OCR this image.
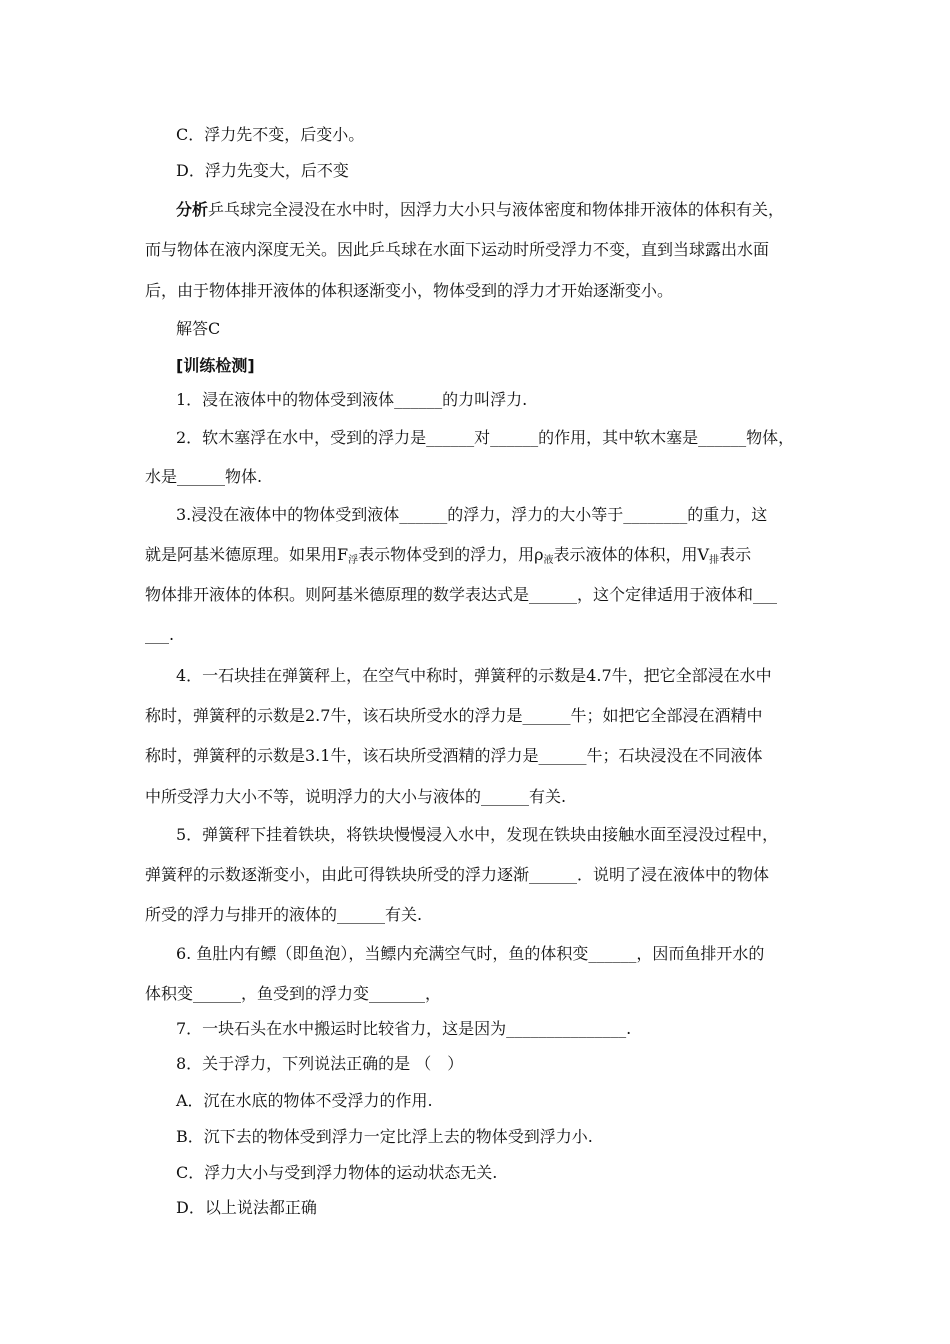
C．浮力先不变，后变小。
D．浮力先变大，后不变
分析乒乓球完全浸没在水中时，因浮力大小只与液体密度和物体排开液体的体积有关，
而与物体在液内深度无关。因此乒乓球在水面下运动时所受浮力不变，直到当球露出水面
后，由于物体排开液体的体积逐渐变小，物体受到的浮力才开始逐渐变小。
解答C
[训练检测]
1．浸在液体中的物体受到液体______的力叫浮力.
2．软木塞浮在水中，受到的浮力是______对______的作用，其中软木塞是______物体，
水是______物体.
3.浸没在液体中的物体受到液体______的浮力，浮力的大小等于________的重力，这
就是阿基米德原理。如果用F浮表示物体受到的浮力，用ρ液表示液体的体积，用V排表示
物体排开液体的体积。则阿基米德原理的数学表达式是______，这个定律适用于液体和___
___.
4．一石块挂在弹簧秤上，在空气中称时，弹簧秤的示数是4.7牛，把它全部浸在水中
称时，弹簧秤的示数是2.7牛，该石块所受水的浮力是______牛；如把它全部浸在酒精中
称时，弹簧秤的示数是3.1牛，该石块所受酒精的浮力是______牛；石块浸没在不同液体
中所受浮力大小不等，说明浮力的大小与液体的______有关.
5．弹簧秤下挂着铁块，将铁块慢慢浸入水中，发现在铁块由接触水面至浸没过程中，
弹簧秤的示数逐渐变小，由此可得铁块所受的浮力逐渐______．说明了浸在液体中的物体
所受的浮力与排开的液体的______有关.
6. 鱼肚内有鳔（即鱼泡），当鳔内充满空气时，鱼的体积变______，因而鱼排开水的
体积变______，鱼受到的浮力变_______，
7．一块石头在水中搬运时比较省力，这是因为_______________.
8．关于浮力，下列说法正确的是 （　）
A．沉在水底的物体不受浮力的作用.
B．沉下去的物体受到浮力一定比浮上去的物体受到浮力小.
C．浮力大小与受到浮力物体的运动状态无关.
D．以上说法都正确
